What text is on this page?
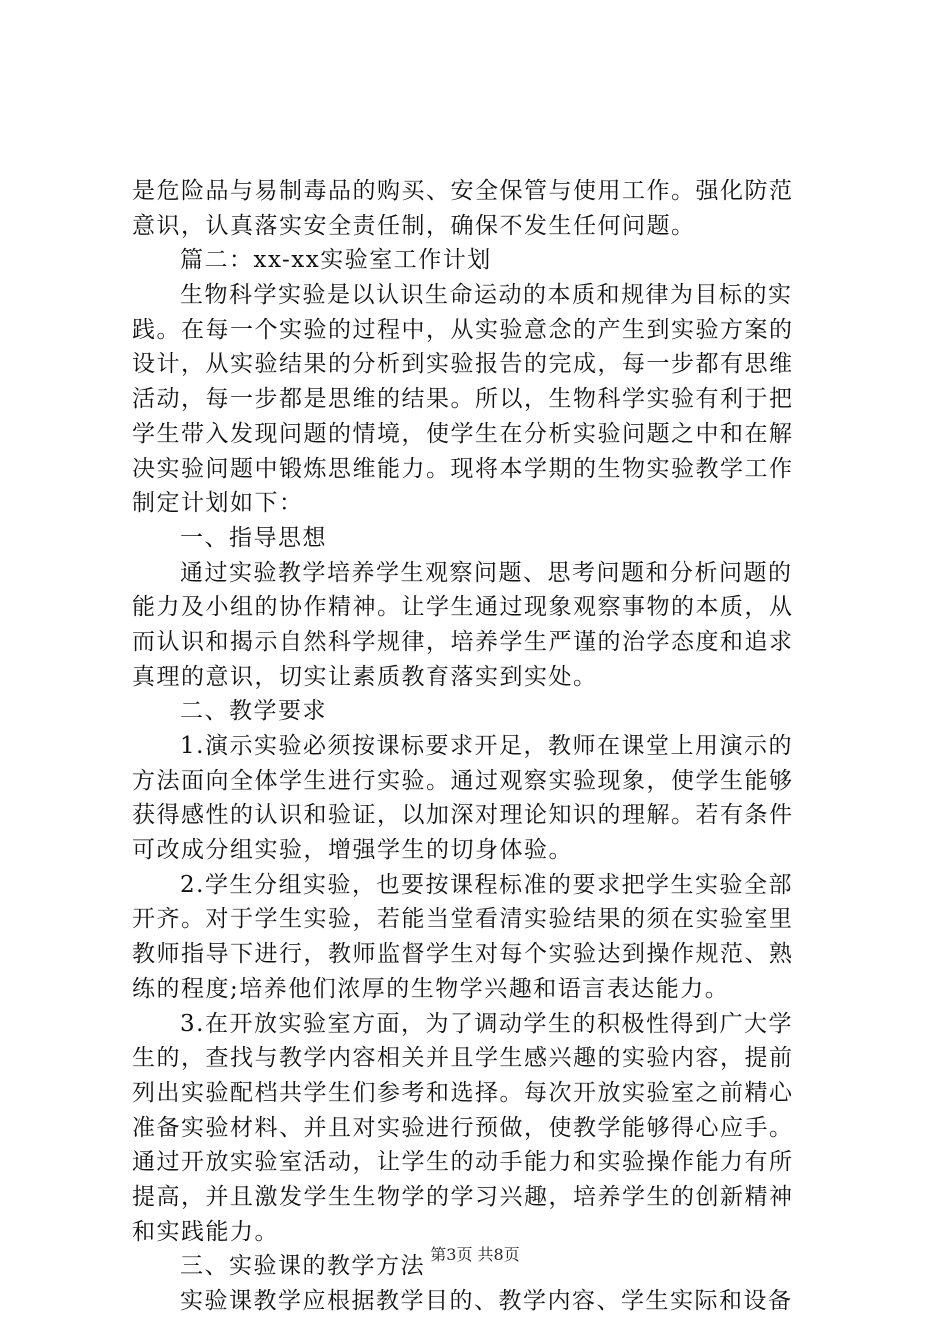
是危险品与易制毒品的购买、安全保管与使用工作。强化防范
意识，认真落实安全责任制，确保不发生任何问题。
篇二：xx-xx实验室工作计划
生物科学实验是以认识生命运动的本质和规律为目标的实
践。在每一个实验的过程中，从实验意念的产生到实验方案的
设计，从实验结果的分析到实验报告的完成，每一步都有思维
活动，每一步都是思维的结果。所以，生物科学实验有利于把
学生带入发现问题的情境，使学生在分析实验问题之中和在解
决实验问题中锻炼思维能力。现将本学期的生物实验教学工作
制定计划如下：
一、指导思想
通过实验教学培养学生观察问题、思考问题和分析问题的
能力及小组的协作精神。让学生通过现象观察事物的本质，从
而认识和揭示自然科学规律，培养学生严谨的治学态度和追求
真理的意识，切实让素质教育落实到实处。
二、教学要求
1.演示实验必须按课标要求开足，教师在课堂上用演示的
方法面向全体学生进行实验。通过观察实验现象，使学生能够
获得感性的认识和验证，以加深对理论知识的理解。若有条件
可改成分组实验，增强学生的切身体验。
2.学生分组实验，也要按课程标准的要求把学生实验全部
开齐。对于学生实验，若能当堂看清实验结果的须在实验室里
教师指导下进行，教师监督学生对每个实验达到操作规范、熟
练的程度;培养他们浓厚的生物学兴趣和语言表达能力。
3.在开放实验室方面，为了调动学生的积极性得到广大学
生的，查找与教学内容相关并且学生感兴趣的实验内容，提前
列出实验配档共学生们参考和选择。每次开放实验室之前精心
准备实验材料、并且对实验进行预做，使教学能够得心应手。
通过开放实验室活动，让学生的动手能力和实验操作能力有所
提高，并且激发学生生物学的学习兴趣，培养学生的创新精神
和实践能力。
三、实验课的教学方法
实验课教学应根据教学目的、教学内容、学生实际和设备
第3页 共8页
